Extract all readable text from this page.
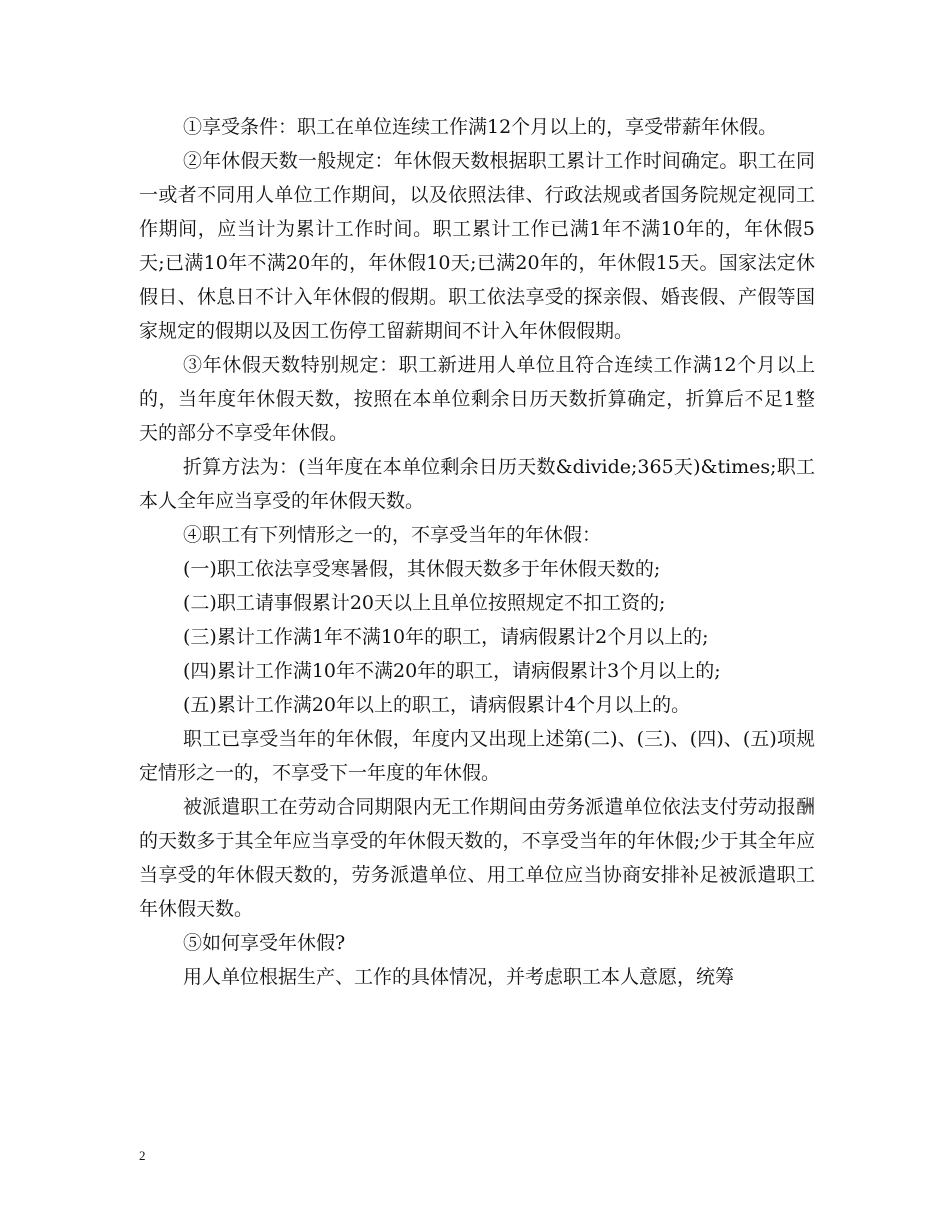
①享受条件：职工在单位连续工作满12个月以上的，享受带薪年休假。

②年休假天数一般规定：年休假天数根据职工累计工作时间确定。职工在同一或者不同用人单位工作期间，以及依照法律、行政法规或者国务院规定视同工作期间，应当计为累计工作时间。职工累计工作已满1年不满10年的，年休假5天;已满10年不满20年的，年休假10天;已满20年的，年休假15天。国家法定休假日、休息日不计入年休假的假期。职工依法享受的探亲假、婚丧假、产假等国家规定的假期以及因工伤停工留薪期间不计入年休假假期。

③年休假天数特别规定：职工新进用人单位且符合连续工作满12个月以上的，当年度年休假天数，按照在本单位剩余日历天数折算确定，折算后不足1整天的部分不享受年休假。

折算方法为：(当年度在本单位剩余日历天数&divide;365天)&times;职工本人全年应当享受的年休假天数。

④职工有下列情形之一的，不享受当年的年休假：

(一)职工依法享受寒暑假，其休假天数多于年休假天数的;

(二)职工请事假累计20天以上且单位按照规定不扣工资的;

(三)累计工作满1年不满10年的职工，请病假累计2个月以上的;

(四)累计工作满10年不满20年的职工，请病假累计3个月以上的;

(五)累计工作满20年以上的职工，请病假累计4个月以上的。

职工已享受当年的年休假，年度内又出现上述第(二)、(三)、(四)、(五)项规定情形之一的，不享受下一年度的年休假。

被派遣职工在劳动合同期限内无工作期间由劳务派遣单位依法支付劳动报酬的天数多于其全年应当享受的年休假天数的，不享受当年的年休假;少于其全年应当享受的年休假天数的，劳务派遣单位、用工单位应当协商安排补足被派遣职工年休假天数。

⑤如何享受年休假?

用人单位根据生产、工作的具体情况，并考虑职工本人意愿，统筹

2
